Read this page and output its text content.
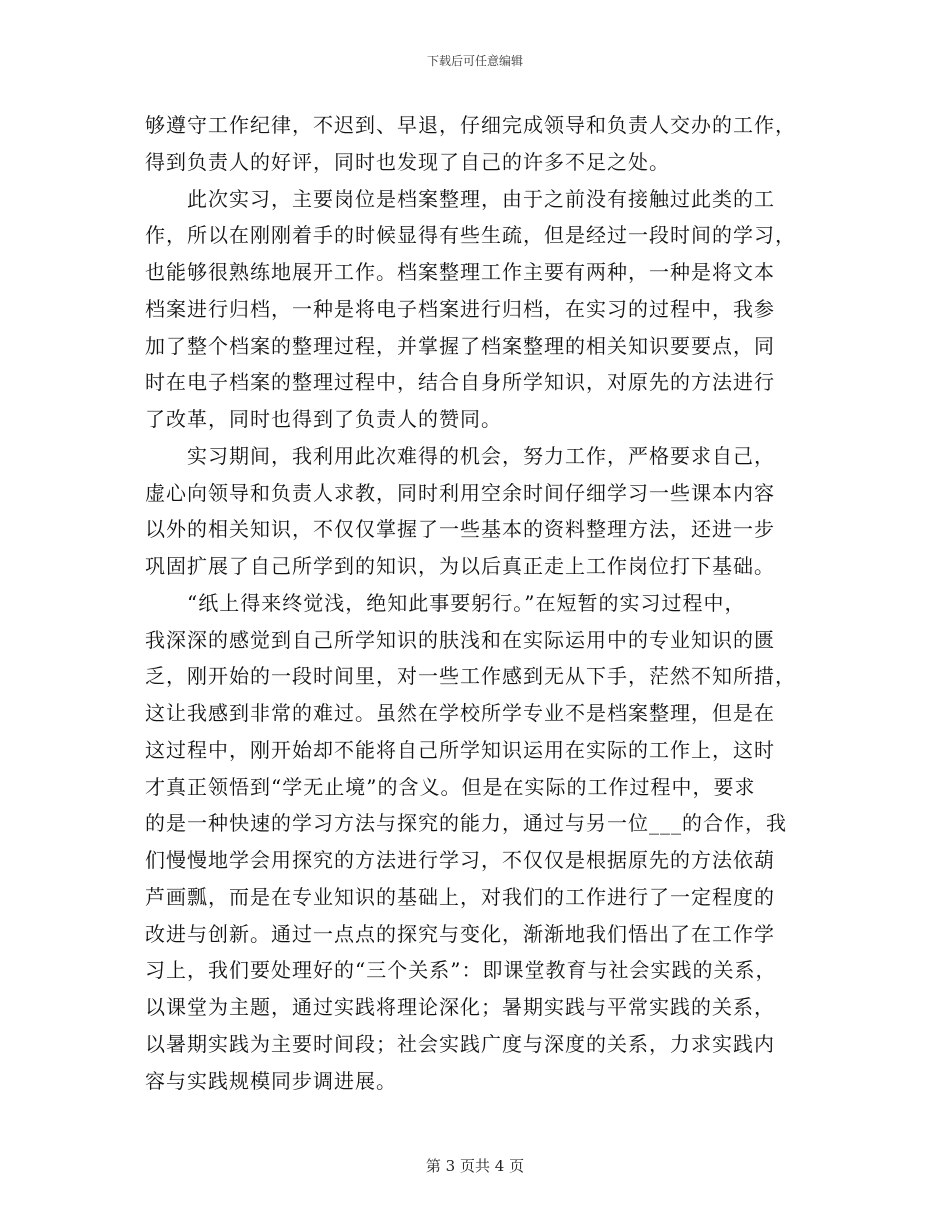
下载后可任意编辑
够遵守工作纪律，不迟到、早退，仔细完成领导和负责人交办的工作，
得到负责人的好评，同时也发现了自己的许多不足之处。
　　此次实习，主要岗位是档案整理，由于之前没有接触过此类的工
作，所以在刚刚着手的时候显得有些生疏，但是经过一段时间的学习，
也能够很熟练地展开工作。档案整理工作主要有两种，一种是将文本
档案进行归档，一种是将电子档案进行归档，在实习的过程中，我参
加了整个档案的整理过程，并掌握了档案整理的相关知识要要点，同
时在电子档案的整理过程中，结合自身所学知识，对原先的方法进行
了改革，同时也得到了负责人的赞同。
　　实习期间，我利用此次难得的机会，努力工作，严格要求自己，
虚心向领导和负责人求教，同时利用空余时间仔细学习一些课本内容
以外的相关知识，不仅仅掌握了一些基本的资料整理方法，还进一步
巩固扩展了自己所学到的知识，为以后真正走上工作岗位打下基础。
　　“纸上得来终觉浅，绝知此事要躬行。”在短暂的实习过程中，
我深深的感觉到自己所学知识的肤浅和在实际运用中的专业知识的匮
乏，刚开始的一段时间里，对一些工作感到无从下手，茫然不知所措，
这让我感到非常的难过。虽然在学校所学专业不是档案整理，但是在
这过程中，刚开始却不能将自己所学知识运用在实际的工作上，这时
才真正领悟到“学无止境”的含义。但是在实际的工作过程中，要求
的是一种快速的学习方法与探究的能力，通过与另一位___的合作，我
们慢慢地学会用探究的方法进行学习，不仅仅是根据原先的方法依葫
芦画瓢，而是在专业知识的基础上，对我们的工作进行了一定程度的
改进与创新。通过一点点的探究与变化，渐渐地我们悟出了在工作学
习上，我们要处理好的“三个关系”：即课堂教育与社会实践的关系，
以课堂为主题，通过实践将理论深化；暑期实践与平常实践的关系，
以暑期实践为主要时间段；社会实践广度与深度的关系，力求实践内
容与实践规模同步调进展。
第 3 页共 4 页
